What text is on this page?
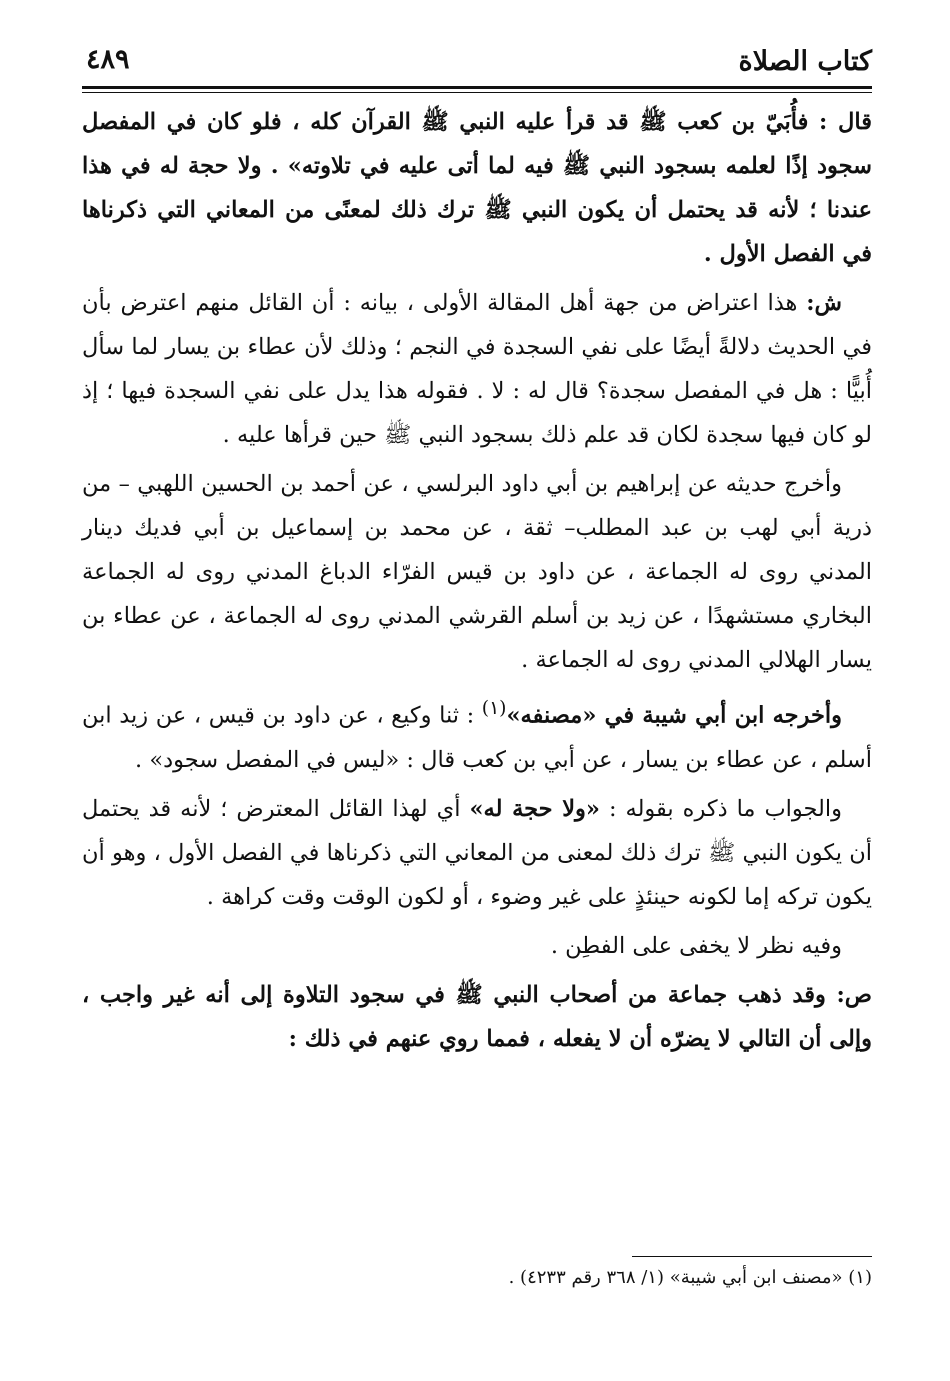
كتاب الصلاة
٤٨٩

قال : فأُبَيّ بن كعب ﷺ قد قرأ عليه النبي ﷺ القرآن كله ، فلو كان في المفصل سجود إذًا لعلمه بسجود النبي ﷺ فيه لما أتى عليه في تلاوته» . ولا حجة له في هذا عندنا ؛ لأنه قد يحتمل أن يكون النبي ﷺ ترك ذلك لمعنًى من المعاني التي ذكرناها في الفصل الأول .

ش: هذا اعتراض من جهة أهل المقالة الأولى ، بيانه : أن القائل منهم اعترض بأن في الحديث دلالةً أيضًا على نفي السجدة في النجم ؛ وذلك لأن عطاء بن يسار لما سأل أُبيًّا : هل في المفصل سجدة؟ قال له : لا . فقوله هذا يدل على نفي السجدة فيها ؛ إذ لو كان فيها سجدة لكان قد علم ذلك بسجود النبي ﷺ حين قرأها عليه .

وأخرج حديثه عن إبراهيم بن أبي داود البرلسي ، عن أحمد بن الحسين اللهبي – من ذرية أبي لهب بن عبد المطلب– ثقة ، عن محمد بن إسماعيل بن أبي فديك دينار المدني روى له الجماعة ، عن داود بن قيس الفرّاء الدباغ المدني روى له الجماعة البخاري مستشهدًا ، عن زيد بن أسلم القرشي المدني روى له الجماعة ، عن عطاء بن يسار الهلالي المدني روى له الجماعة .

وأخرجه ابن أبي شيبة في «مصنفه»$^{(١)}$ : ثنا وكيع ، عن داود بن قيس ، عن زيد ابن أسلم ، عن عطاء بن يسار ، عن أبي بن كعب قال : «ليس في المفصل سجود» .

والجواب ما ذكره بقوله : «ولا حجة له» أي لهذا القائل المعترض ؛ لأنه قد يحتمل أن يكون النبي ﷺ ترك ذلك لمعنى من المعاني التي ذكرناها في الفصل الأول ، وهو أن يكون تركه إما لكونه حينئذٍ على غير وضوء ، أو لكون الوقت وقت كراهة .

وفيه نظر لا يخفى على الفطِن .

ص: وقد ذهب جماعة من أصحاب النبي ﷺ في سجود التلاوة إلى أنه غير واجب ، وإلى أن التالي لا يضرّه أن لا يفعله ، فمما روي عنهم في ذلك :

(١) «مصنف ابن أبي شيبة» (١/ ٣٦٨ رقم ٤٢٣٣) .
